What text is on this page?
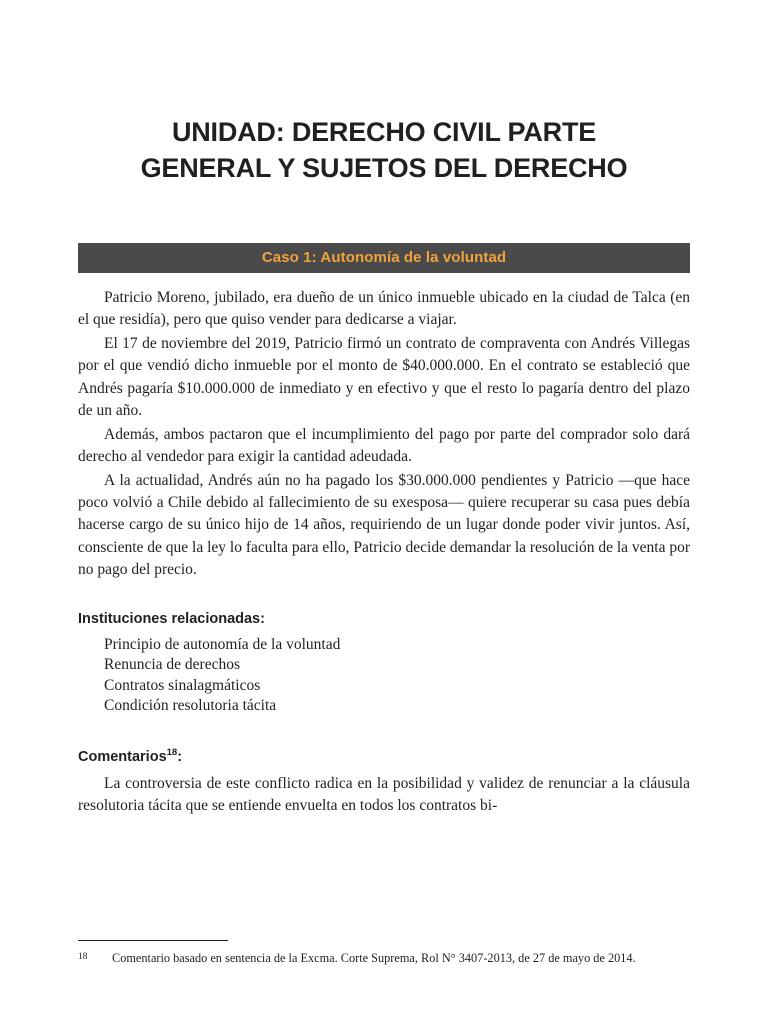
UNIDAD: DERECHO CIVIL PARTE
GENERAL Y SUJETOS DEL DERECHO
Caso 1: Autonomía de la voluntad

Patricio Moreno, jubilado, era dueño de un único inmueble ubicado en la ciudad de Talca (en el que residía), pero que quiso vender para dedicarse a viajar.

El 17 de noviembre del 2019, Patricio firmó un contrato de compraventa con Andrés Villegas por el que vendió dicho inmueble por el monto de $40.000.000. En el contrato se estableció que Andrés pagaría $10.000.000 de inmediato y en efectivo y que el resto lo pagaría dentro del plazo de un año.

Además, ambos pactaron que el incumplimiento del pago por parte del comprador solo dará derecho al vendedor para exigir la cantidad adeudada.

A la actualidad, Andrés aún no ha pagado los $30.000.000 pendientes y Patricio —que hace poco volvió a Chile debido al fallecimiento de su exesposa— quiere recuperar su casa pues debía hacerse cargo de su único hijo de 14 años, requiriendo de un lugar donde poder vivir juntos. Así, consciente de que la ley lo faculta para ello, Patricio decide demandar la resolución de la venta por no pago del precio.

Instituciones relacionadas:
Principio de autonomía de la voluntad
Renuncia de derechos
Contratos sinalagmáticos
Condición resolutoria tácita
Comentarios$^{18}$:

La controversia de este conflicto radica en la posibilidad y validez de renunciar a la cláusula resolutoria tácita que se entiende envuelta en todos los contratos bi-

18	Comentario basado en sentencia de la Excma. Corte Suprema, Rol N° 3407-2013, de 27 de mayo de 2014.
